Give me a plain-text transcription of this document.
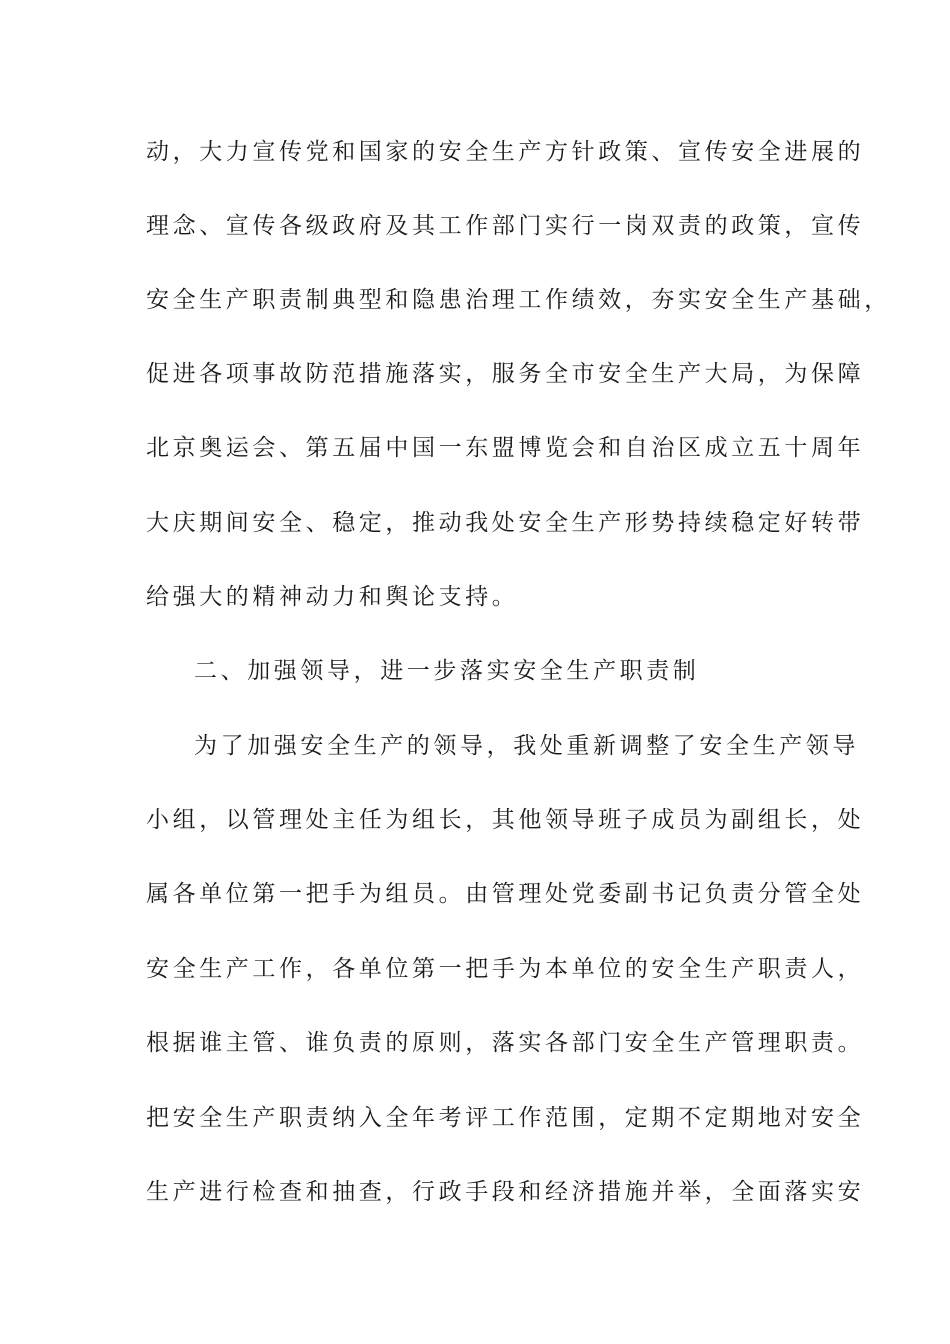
动，大力宣传党和国家的安全生产方针政策、宣传安全进展的
理念、宣传各级政府及其工作部门实行一岗双责的政策，宣传
安全生产职责制典型和隐患治理工作绩效，夯实安全生产基础，
促进各项事故防范措施落实，服务全市安全生产大局，为保障
北京奥运会、第五届中国一东盟博览会和自治区成立五十周年
大庆期间安全、稳定，推动我处安全生产形势持续稳定好转带
给强大的精神动力和舆论支持。
二、加强领导，进一步落实安全生产职责制
为了加强安全生产的领导，我处重新调整了安全生产领导
小组，以管理处主任为组长，其他领导班子成员为副组长，处
属各单位第一把手为组员。由管理处党委副书记负责分管全处
安全生产工作，各单位第一把手为本单位的安全生产职责人，
根据谁主管、谁负责的原则，落实各部门安全生产管理职责。
把安全生产职责纳入全年考评工作范围，定期不定期地对安全
生产进行检查和抽查，行政手段和经济措施并举，全面落实安
